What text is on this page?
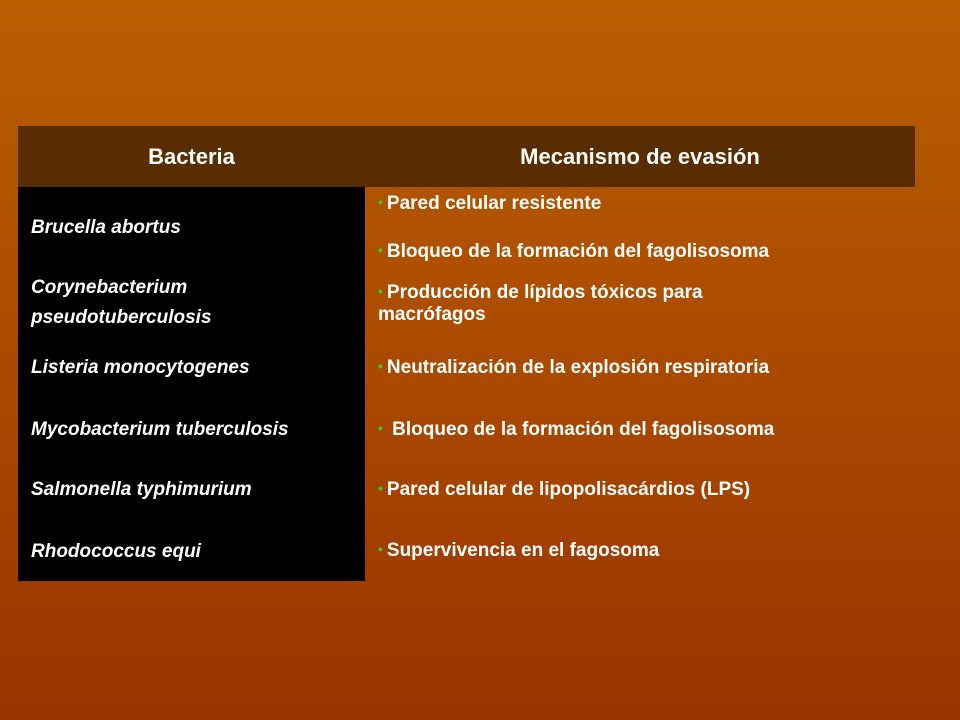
Bacteria	Mecanismo de evasión
Brucella abortus
Corynebacterium
pseudotuberculosis
Listeria monocytogenes
Mycobacterium tuberculosis
Salmonella typhimurium
Rhodococcus equi
• Pared celular resistente
• Bloqueo de la formación del fagolisosoma
• Producción de lípidos tóxicos para
macrófagos
• Neutralización de la explosión respiratoria
• Bloqueo de la formación del fagolisosoma
• Pared celular de lipopolisacárdios (LPS)
• Supervivencia en el fagosoma
